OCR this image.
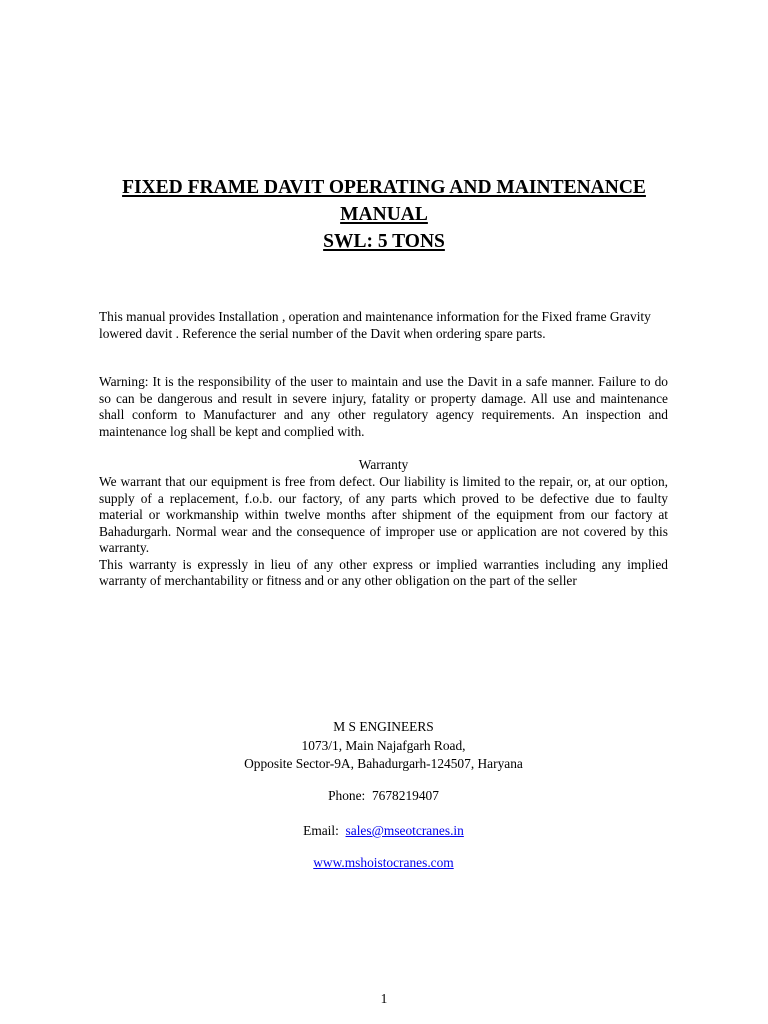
FIXED FRAME DAVIT OPERATING AND MAINTENANCE
MANUAL
SWL: 5 TONS
This manual provides Installation , operation and maintenance information for the Fixed frame Gravity
lowered davit . Reference the serial number of the Davit when ordering spare parts.
Warning: It is the responsibility of the user to maintain and use the Davit in a safe manner. Failure to do so can be dangerous and result in severe injury, fatality or property damage. All use and maintenance shall conform to Manufacturer and any other regulatory agency requirements. An inspection and maintenance log shall be kept and complied with.
Warranty
We warrant that our equipment is free from defect. Our liability is limited to the repair, or, at our option, supply of a replacement, f.o.b. our factory, of any parts which proved to be defective due to faulty material or workmanship within twelve months after shipment of the equipment from our factory at Bahadurgarh. Normal wear and the consequence of improper use or application are not covered by this warranty.
This warranty is expressly in lieu of any other express or implied warranties including any implied warranty of merchantability or fitness and or any other obligation on the part of the seller
M S ENGINEERS
1073/1, Main Najafgarh Road,
Opposite Sector-9A, Bahadurgarh-124507, Haryana
Phone: 7678219407
Email: sales@mseotcranes.in
www.mshoistocranes.com
1
